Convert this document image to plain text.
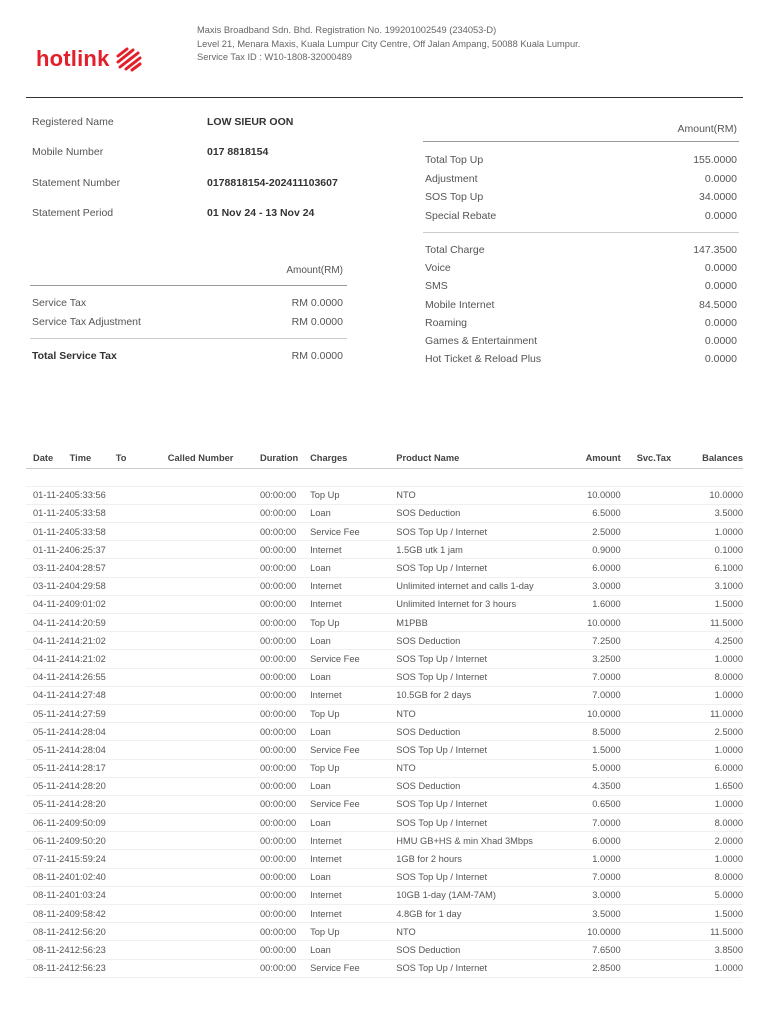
hotlink
Maxis Broadband Sdn. Bhd. Registration No. 199201002549 (234053-D)
Level 21, Menara Maxis, Kuala Lumpur City Centre, Off Jalan Ampang, 50088 Kuala Lumpur.
Service Tax ID : W10-1808-32000489
Registered Name	LOW SIEUR OON
Mobile Number	017 8818154
Statement Number	0178818154-202411103607
Statement Period	01 Nov 24 - 13 Nov 24
Amount(RM)
Service Tax	RM 0.0000
Service Tax Adjustment	RM 0.0000
Total Service Tax	RM 0.0000
Amount(RM)
Total Top Up	155.0000
Adjustment	0.0000
SOS Top Up	34.0000
Special Rebate	0.0000
Total Charge	147.3500
Voice	0.0000
SMS	0.0000
Mobile Internet	84.5000
Roaming	0.0000
Games & Entertainment	0.0000
Hot Ticket & Reload Plus	0.0000
Date	Time	To	Called Number	Duration	Charges	Product Name	Amount	Svc.Tax	Balances

01-11-24	05:33:56			00:00:00	Top Up	NTO	10.0000		10.0000
01-11-24	05:33:58			00:00:00	Loan	SOS Deduction	6.5000		3.5000
01-11-24	05:33:58			00:00:00	Service Fee	SOS Top Up / Internet	2.5000		1.0000
01-11-24	06:25:37			00:00:00	Internet	1.5GB utk 1 jam	0.9000		0.1000
03-11-24	04:28:57			00:00:00	Loan	SOS Top Up / Internet	6.0000		6.1000
03-11-24	04:29:58			00:00:00	Internet	Unlimited internet and calls 1-day	3.0000		3.1000
04-11-24	09:01:02			00:00:00	Internet	Unlimited Internet for 3 hours	1.6000		1.5000
04-11-24	14:20:59			00:00:00	Top Up	M1PBB	10.0000		11.5000
04-11-24	14:21:02			00:00:00	Loan	SOS Deduction	7.2500		4.2500
04-11-24	14:21:02			00:00:00	Service Fee	SOS Top Up / Internet	3.2500		1.0000
04-11-24	14:26:55			00:00:00	Loan	SOS Top Up / Internet	7.0000		8.0000
04-11-24	14:27:48			00:00:00	Internet	10.5GB for 2 days	7.0000		1.0000
05-11-24	14:27:59			00:00:00	Top Up	NTO	10.0000		11.0000
05-11-24	14:28:04			00:00:00	Loan	SOS Deduction	8.5000		2.5000
05-11-24	14:28:04			00:00:00	Service Fee	SOS Top Up / Internet	1.5000		1.0000
05-11-24	14:28:17			00:00:00	Top Up	NTO	5.0000		6.0000
05-11-24	14:28:20			00:00:00	Loan	SOS Deduction	4.3500		1.6500
05-11-24	14:28:20			00:00:00	Service Fee	SOS Top Up / Internet	0.6500		1.0000
06-11-24	09:50:09			00:00:00	Loan	SOS Top Up / Internet	7.0000		8.0000
06-11-24	09:50:20			00:00:00	Internet	HMU GB+HS & min Xhad 3Mbps	6.0000		2.0000
07-11-24	15:59:24			00:00:00	Internet	1GB for 2 hours	1.0000		1.0000
08-11-24	01:02:40			00:00:00	Loan	SOS Top Up / Internet	7.0000		8.0000
08-11-24	01:03:24			00:00:00	Internet	10GB 1-day (1AM-7AM)	3.0000		5.0000
08-11-24	09:58:42			00:00:00	Internet	4.8GB for 1 day	3.5000		1.5000
08-11-24	12:56:20			00:00:00	Top Up	NTO	10.0000		11.5000
08-11-24	12:56:23			00:00:00	Loan	SOS Deduction	7.6500		3.8500
08-11-24	12:56:23			00:00:00	Service Fee	SOS Top Up / Internet	2.8500		1.0000
